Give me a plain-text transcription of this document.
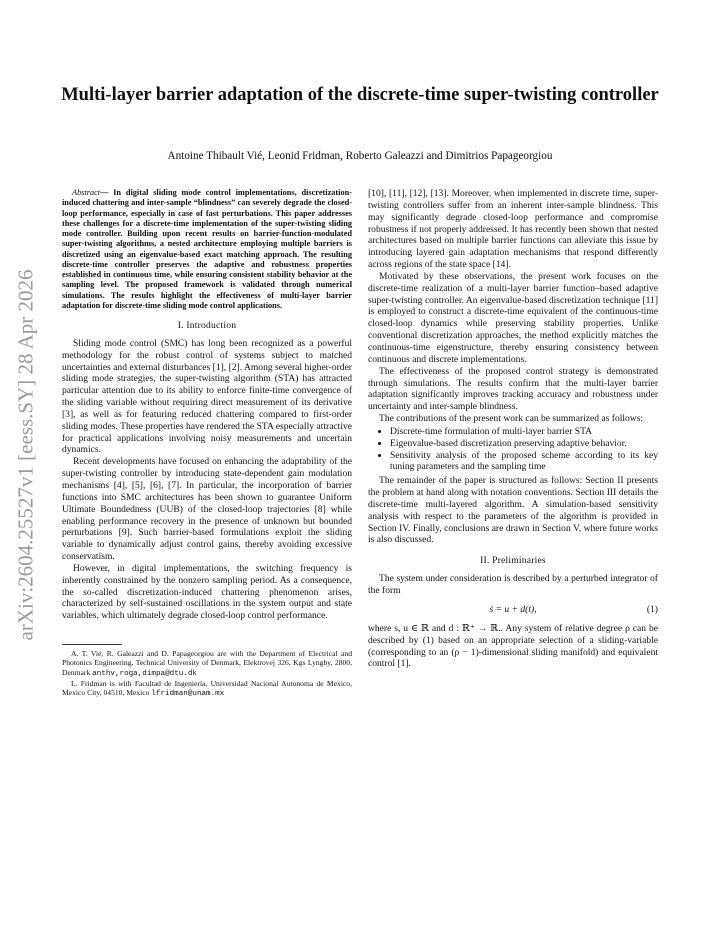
Multi-layer barrier adaptation of the discrete-time super-twisting controller
Antoine Thibault Vié, Leonid Fridman, Roberto Galeazzi and Dimitrios Papageorgiou
arXiv:2604.25527v1 [eess.SY] 28 Apr 2026

Abstract— In digital sliding mode control implementations, discretization-induced chattering and inter-sample “blindness” can severely degrade the closed-loop performance, especially in case of fast perturbations. This paper addresses these challenges for a discrete-time implementation of the super-twisting sliding mode controller. Building upon recent results on barrier-function-modulated super-twisting algorithms, a nested architecture employing multiple barriers is discretized using an eigenvalue-based exact matching approach. The resulting discrete-time controller preserves the adaptive and robustness properties established in continuous time, while ensuring consistent stability behavior at the sampling level. The proposed framework is validated through numerical simulations. The results highlight the effectiveness of multi-layer barrier adaptation for discrete-time sliding mode control applications.

I. Introduction

Sliding mode control (SMC) has long been recognized as a powerful methodology for the robust control of systems subject to matched uncertainties and external disturbances [1], [2]. Among several higher-order sliding mode strategies, the super-twisting algorithm (STA) has attracted particular attention due to its ability to enforce finite-time convergence of the sliding variable without requiring direct measurement of its derivative [3], as well as for featuring reduced chattering compared to first-order sliding modes. These properties have rendered the STA especially attractive for practical applications involving noisy measurements and uncertain dynamics.

Recent developments have focused on enhancing the adaptability of the super-twisting controller by introducing state-dependent gain modulation mechanisms [4], [5], [6], [7]. In particular, the incorporation of barrier functions into SMC architectures has been shown to guarantee Uniform Ultimate Boundedness (UUB) of the closed-loop trajectories [8] while enabling performance recovery in the presence of unknown but bounded perturbations [9]. Such barrier-based formulations exploit the sliding variable to dynamically adjust control gains, thereby avoiding excessive conservatism.

However, in digital implementations, the switching frequency is inherently constrained by the nonzero sampling period. As a consequence, the so-called discretization-induced chattering phenomenon arises, characterized by self-sustained oscillations in the system output and state variables, which ultimately degrade closed-loop control performance.

A. T. Vié, R. Galeazzi and D. Papageorgiou are with the Department of Electrical and Photonics Engineering, Technical University of Denmark, Elektrovej 326, Kgs Lyngby, 2800, Denmark anthv,roga,dimpa@dtu.dk

L. Fridman is with Facultad de Ingeniería, Universidad Nacional Autonoma de Mexico, Mexico City, 04510, Mexico lfridman@unam.mx

[10], [11], [12], [13]. Moreover, when implemented in discrete time, super-twisting controllers suffer from an inherent inter-sample blindness. This may significantly degrade closed-loop performance and compromise robustness if not properly addressed. It has recently been shown that nested architectures based on multiple barrier functions can alleviate this issue by introducing layered gain adaptation mechanisms that respond differently across regions of the state space [14].

Motivated by these observations, the present work focuses on the discrete-time realization of a multi-layer barrier function–based adaptive super-twisting controller. An eigenvalue-based discretization technique [11] is employed to construct a discrete-time equivalent of the continuous-time closed-loop dynamics while preserving stability properties. Unlike conventional discretization approaches, the method explicitly matches the continuous-time eigenstructure, thereby ensuring consistency between continuous and discrete implementations.

The effectiveness of the proposed control strategy is demonstrated through simulations. The results confirm that the multi-layer barrier adaptation significantly improves tracking accuracy and robustness under uncertainty and inter-sample blindness.

The contributions of the present work can be summarized as follows:

• Discrete-time formulation of multi-layer barrier STA
• Eigenvalue-based discretization preserving adaptive behavior.
• Sensitivity analysis of the proposed scheme according to its key tuning parameters and the sampling time

The remainder of the paper is structured as follows: Section II presents the problem at hand along with notation conventions. Section III details the discrete-time multi-layered algorithm. A simulation-based sensitivity analysis with respect to the parameters of the algorithm is provided in Section IV. Finally, conclusions are drawn in Section V, where future works is also discussed.

II. Preliminaries

The system under consideration is described by a perturbed integrator of the form

ṡ = u + d(t),	(1)

where s, u ∈ ℝ and d : ℝ⁺ → ℝ.. Any system of relative degree ρ can be described by (1) based on an appropriate selection of a sliding-variable (corresponding to an (ρ − 1)-dimensional sliding manifold) and equivalent control [1].
